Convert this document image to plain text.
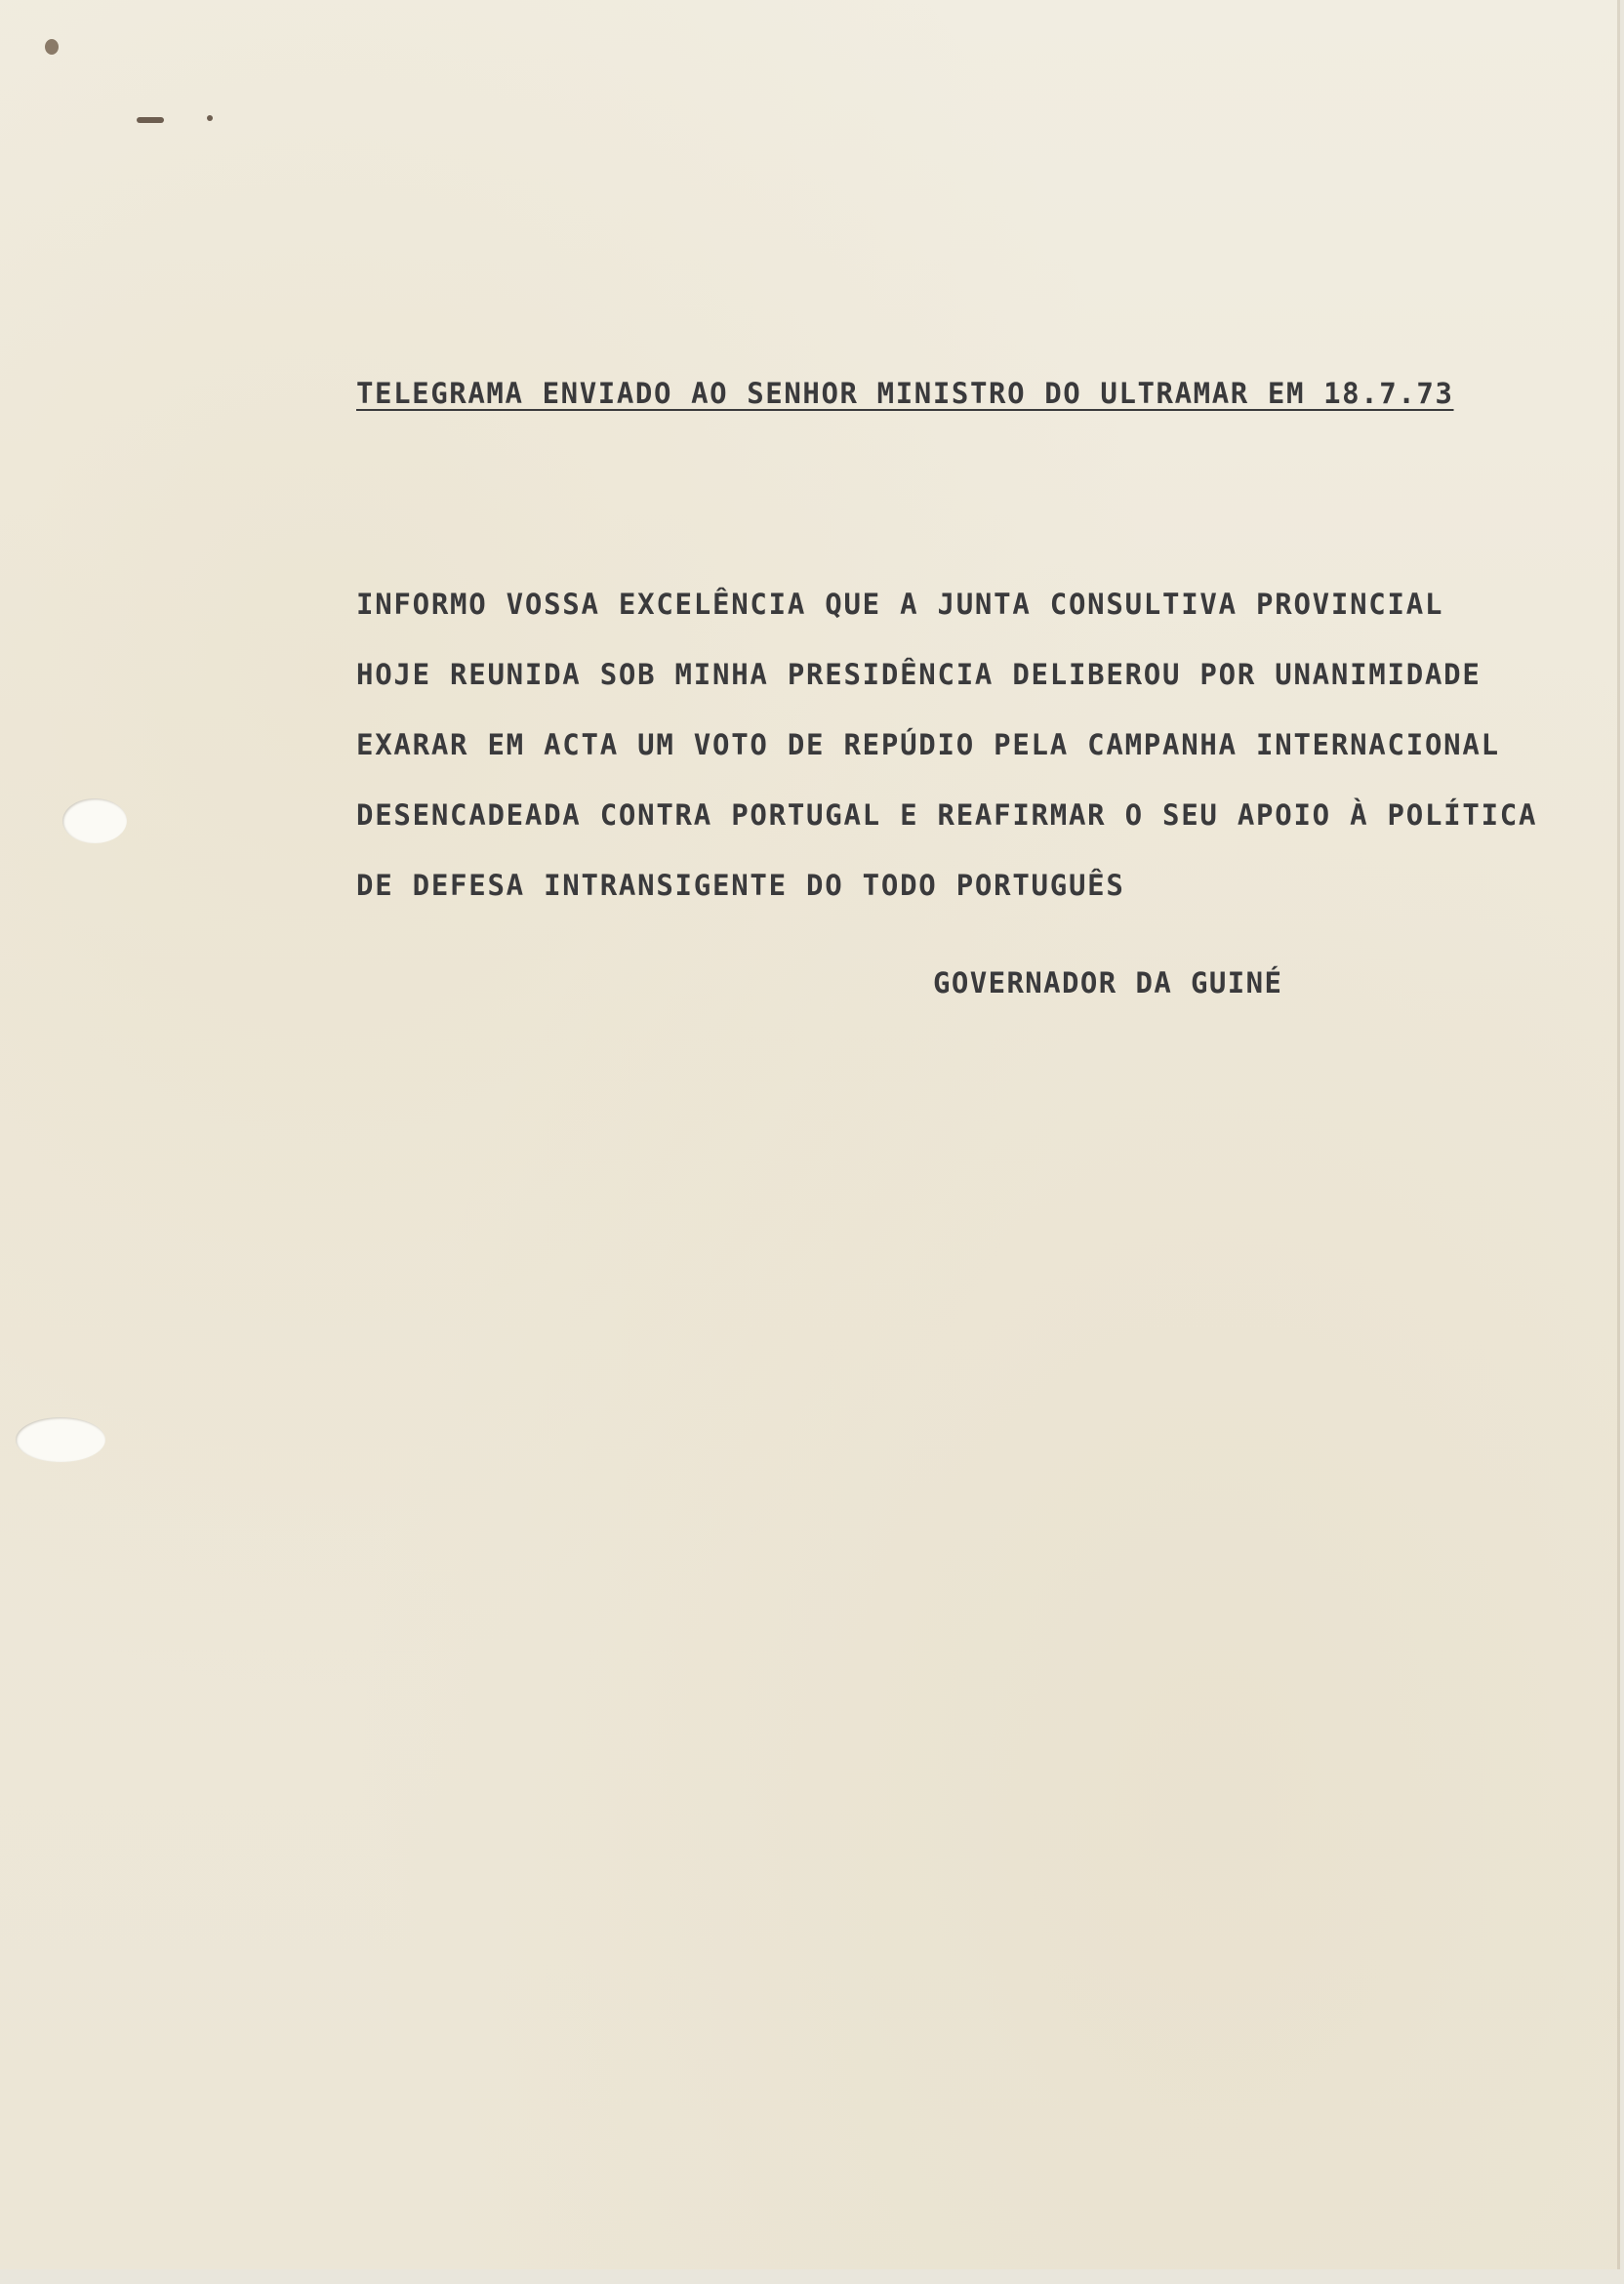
TELEGRAMA ENVIADO AO SENHOR MINISTRO DO ULTRAMAR EM 18.7.73
INFORMO VOSSA EXCELÊNCIA QUE A JUNTA CONSULTIVA PROVINCIAL
HOJE REUNIDA SOB MINHA PRESIDÊNCIA DELIBEROU POR UNANIMIDADE
EXARAR EM ACTA UM VOTO DE REPÚDIO PELA CAMPANHA INTERNACIONAL
DESENCADEADA CONTRA PORTUGAL E REAFIRMAR O SEU APOIO À POLÍTICA
DE DEFESA INTRANSIGENTE DO TODO PORTUGUÊS
GOVERNADOR DA GUINÉ
